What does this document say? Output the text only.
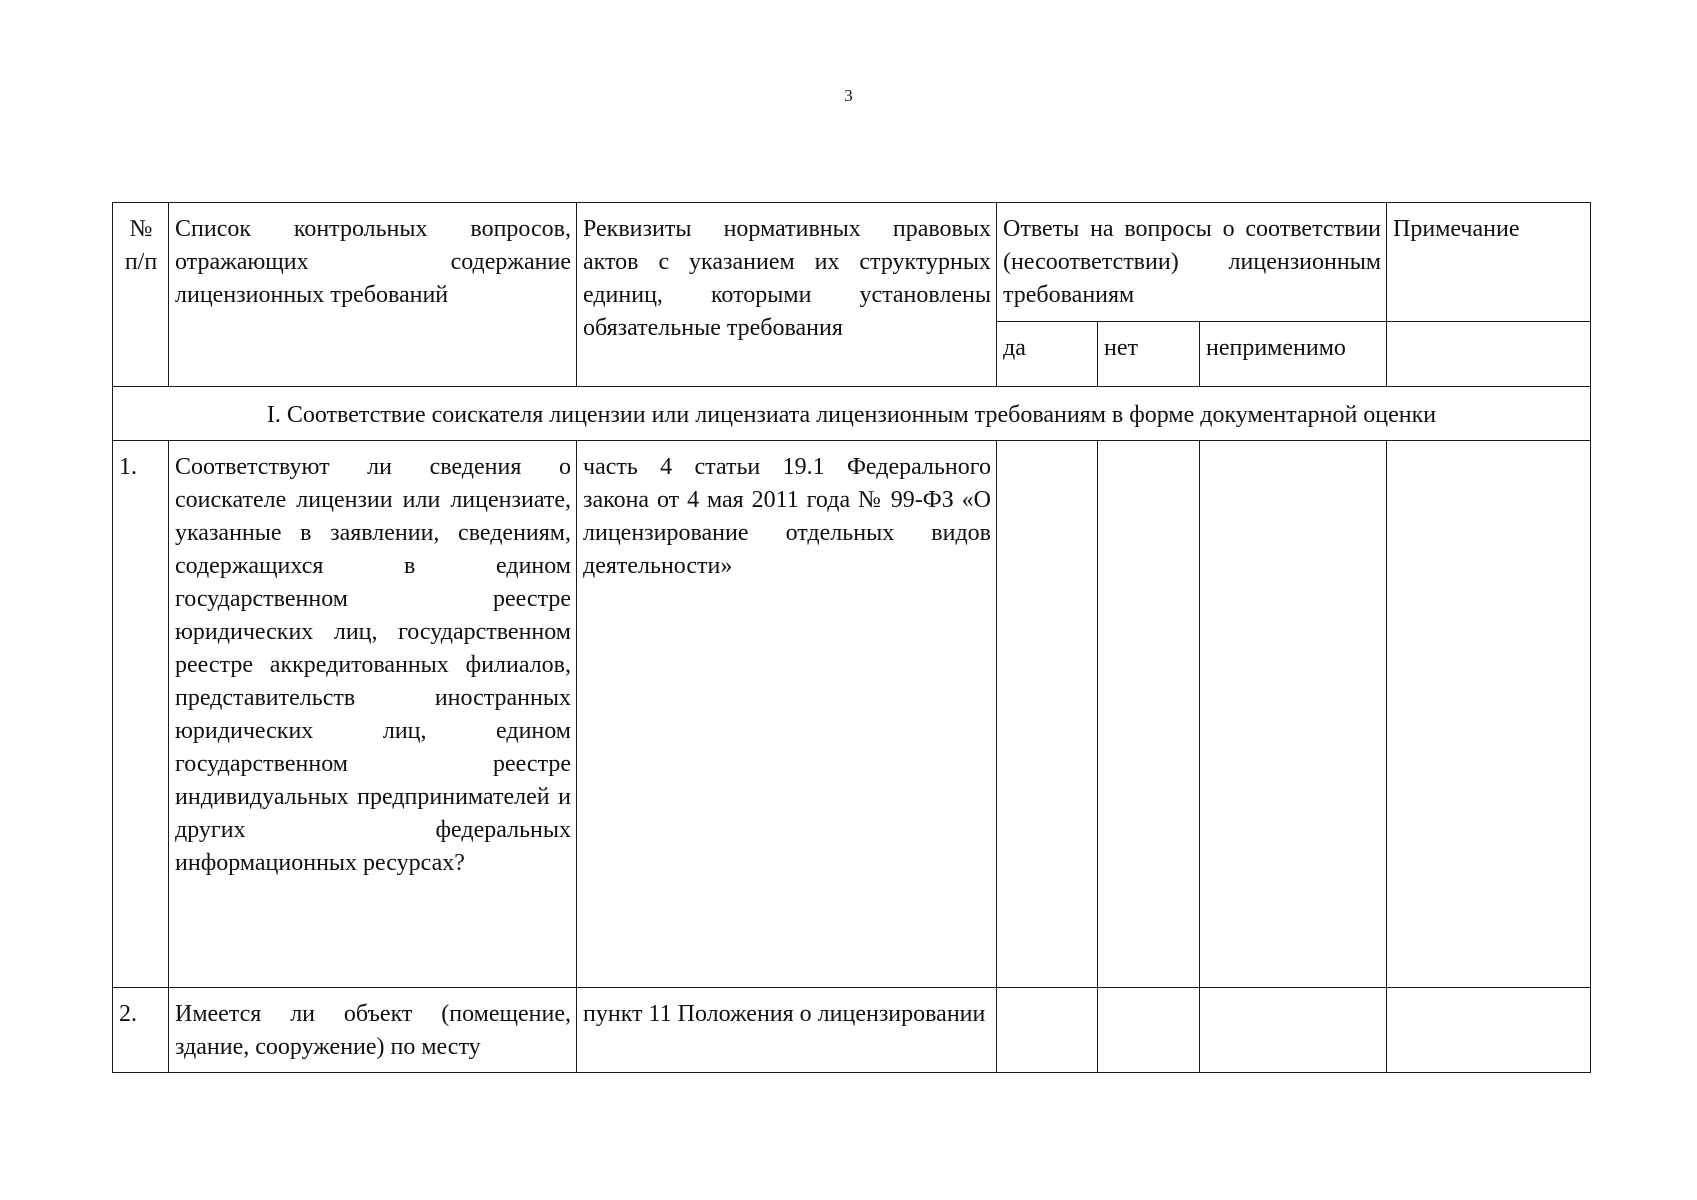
3
№ п/п	Список контрольных вопросов, отражающих содержание лицензионных требований	Реквизиты нормативных правовых актов с указанием их структурных единиц, которыми установлены обязательные требования	Ответы на вопросы о соответствии (несоответствии) лицензионным требованиям			Примечание
			да	нет	неприменимо	
I. Соответствие соискателя лицензии или лицензиата лицензионным требованиям в форме документарной оценки						
1.	Соответствуют ли сведения о соискателе лицензии или лицензиате, указанные в заявлении, сведениям, содержащихся в едином государственном реестре юридических лиц, государственном реестре аккредитованных филиалов, представительств иностранных юридических лиц, едином государственном реестре индивидуальных предпринимателей и других федеральных информационных ресурсах?	часть 4 статьи 19.1 Федерального закона от 4 мая 2011 года № 99-ФЗ «О лицензирование отдельных видов деятельности»				
2.	Имеется ли объект (помещение, здание, сооружение) по месту	пункт 11 Положения о лицензировании				
